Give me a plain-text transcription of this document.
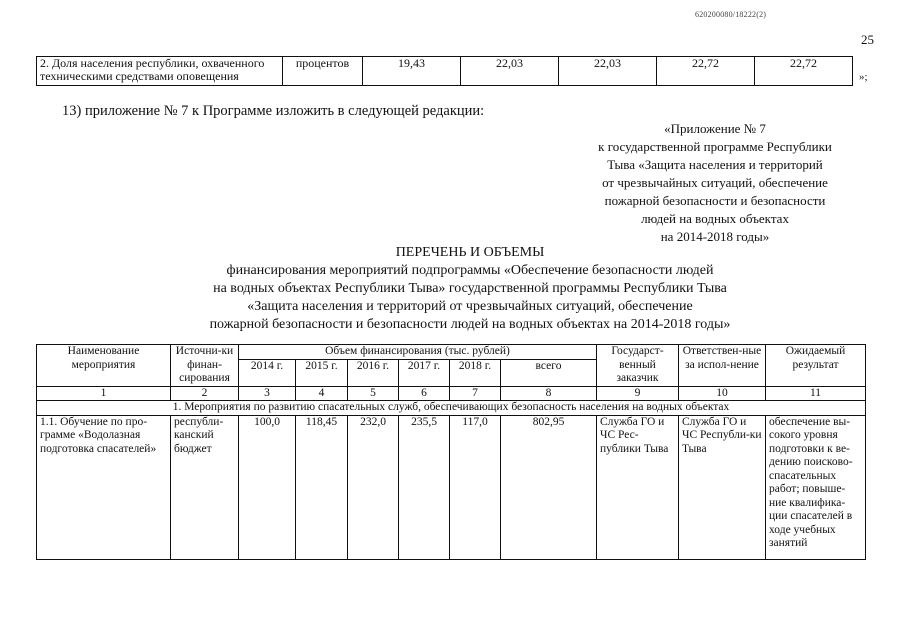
620200080/18222(2)
25
2. Доля населения республики, охваченного техническими средствами оповещения	процентов	19,43	22,03	22,03	22,72	22,72
»;
13) приложение № 7 к Программе изложить в следующей редакции:
«Приложение № 7
к государственной программе Республики
Тыва «Защита населения и территорий
от чрезвычайных ситуаций, обеспечение
пожарной безопасности и безопасности
людей на водных объектах
на 2014-2018 годы»
ПЕРЕЧЕНЬ И ОБЪЕМЫ
финансирования мероприятий подпрограммы «Обеспечение безопасности людей
на водных объектах Республики Тыва» государственной программы Республики Тыва
«Защита населения и территорий от чрезвычайных ситуаций, обеспечение
пожарной безопасности и безопасности людей на водных объектах на 2014-2018 годы»
Наименование мероприятия	Источни-ки финан-сирования	Объем финансирования (тыс. рублей)						Государст-венный заказчик	Ответствен-ные за испол-нение	Ожидаемый результат
		2014 г.	2015 г.	2016 г.	2017 г.	2018 г.	всего			
1	2	3	4	5	6	7	8	9	10	11
1. Мероприятия по развитию спасательных служб, обеспечивающих безопасность населения на водных объектах										
1.1. Обучение по про-грамме «Водолазная подготовка спасателей»	республи-канский бюджет	100,0	118,45	232,0	235,5	117,0	802,95	Служба ГО и ЧС Рес-публики Тыва	Служба ГО и ЧС Республи-ки Тыва	обеспечение вы-сокого уровня подготовки к ве-дению поисково-спасательных работ; повыше-ние квалифика-ции спасателей в ходе учебных занятий
